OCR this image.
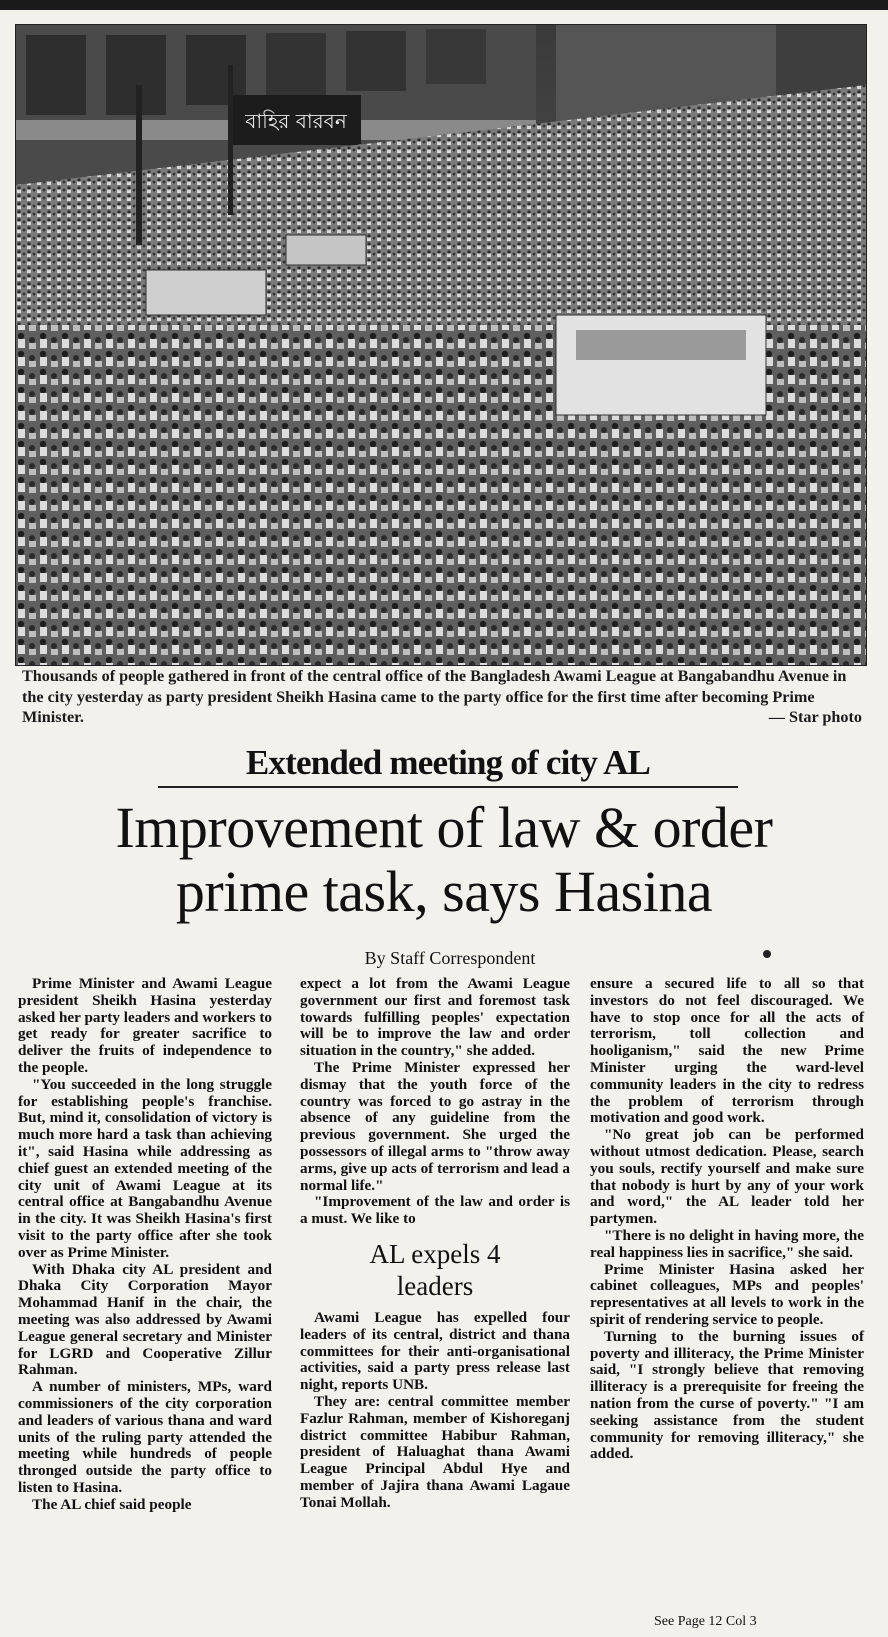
বাহির বারবন
Thousands of people gathered in front of the central office of the Bangladesh Awami League at Bangabandhu Avenue in the city yesterday as party president Sheikh Hasina came to the party office for the first time after becoming Prime Minister.	— Star photo
Extended meeting of city AL
Improvement of law & order
prime task, says Hasina
By Staff Correspondent

Prime Minister and Awami League president Sheikh Hasina yesterday asked her party leaders and workers to get ready for greater sacrifice to deliver the fruits of independence to the people.

"You succeeded in the long struggle for establishing people's franchise. But, mind it, consolidation of victory is much more hard a task than achieving it", said Hasina while addressing as chief guest an extended meeting of the city unit of Awami League at its central office at Bangabandhu Avenue in the city. It was Sheikh Hasina's first visit to the party office after she took over as Prime Minister.

With Dhaka city AL president and Dhaka City Corporation Mayor Mohammad Hanif in the chair, the meeting was also addressed by Awami League general secretary and Minister for LGRD and Cooperative Zillur Rahman.

A number of ministers, MPs, ward commissioners of the city corporation and leaders of various thana and ward units of the ruling party attended the meeting while hundreds of people thronged outside the party office to listen to Hasina.

The AL chief said people

expect a lot from the Awami League government our first and foremost task towards fulfilling peoples' expectation will be to improve the law and order situation in the country," she added.

The Prime Minister expressed her dismay that the youth force of the country was forced to go astray in the absence of any guideline from the previous government. She urged the possessors of illegal arms to "throw away arms, give up acts of terrorism and lead a normal life."

"Improvement of the law and order is a must. We like to

AL expels 4
leaders

Awami League has expelled four leaders of its central, district and thana committees for their anti-organisational activities, said a party press release last night, reports UNB.

They are: central committee member Fazlur Rahman, member of Kishoreganj district committee Habibur Rahman, president of Haluaghat thana Awami League Principal Abdul Hye and member of Jajira thana Awami Lagaue Tonai Mollah.

ensure a secured life to all so that investors do not feel discouraged. We have to stop once for all the acts of terrorism, toll collection and hooliganism," said the new Prime Minister urging the ward-level community leaders in the city to redress the problem of terrorism through motivation and good work.

"No great job can be performed without utmost dedication. Please, search you souls, rectify yourself and make sure that nobody is hurt by any of your work and word," the AL leader told her partymen.

"There is no delight in having more, the real happiness lies in sacrifice," she said.

Prime Minister Hasina asked her cabinet colleagues, MPs and peoples' representatives at all levels to work in the spirit of rendering service to people.

Turning to the burning issues of poverty and illiteracy, the Prime Minister said, "I strongly believe that removing illiteracy is a prerequisite for freeing the nation from the curse of poverty." "I am seeking assistance from the student community for removing illiteracy," she added.

See Page 12 Col 3
